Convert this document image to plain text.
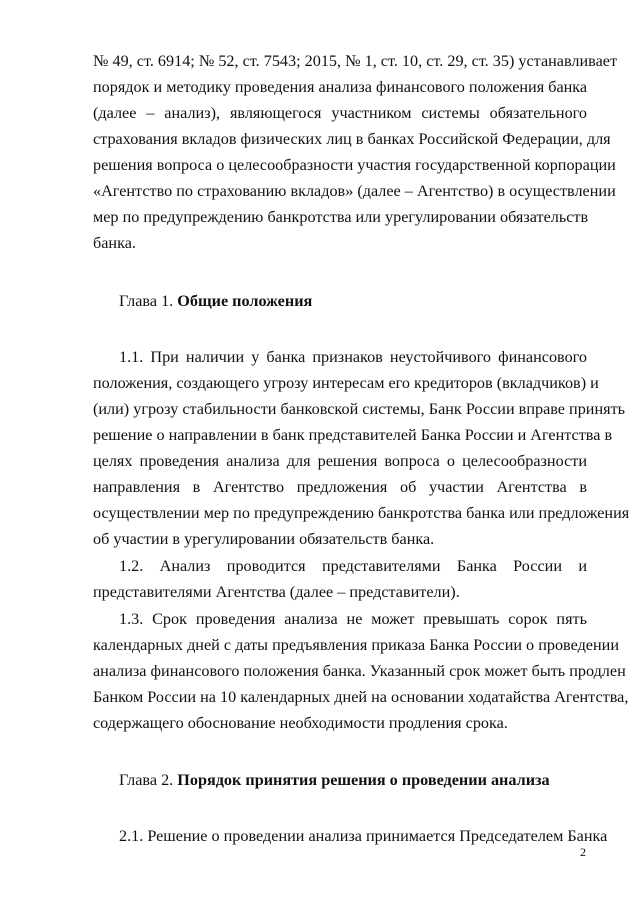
№ 49, ст. 6914; № 52, ст. 7543; 2015, № 1, ст. 10, ст. 29, ст. 35) устанавливает
порядок и методику проведения анализа финансового положения банка
(далее – анализ), являющегося участником системы обязательного
страхования вкладов физических лиц в банках Российской Федерации, для
решения вопроса о целесообразности участия государственной корпорации
«Агентство по страхованию вкладов» (далее – Агентство) в осуществлении
мер по предупреждению банкротства или урегулировании обязательств
банка.
Глава 1. Общие положения
1.1. При наличии у банка признаков неустойчивого финансового
положения, создающего угрозу интересам его кредиторов (вкладчиков) и
(или) угрозу стабильности банковской системы, Банк России вправе принять
решение о направлении в банк представителей Банка России и Агентства в
целях проведения анализа для решения вопроса о целесообразности
направления в Агентство предложения об участии Агентства в
осуществлении мер по предупреждению банкротства банка или предложения
об участии в урегулировании обязательств банка.
1.2. Анализ проводится представителями Банка России и
представителями Агентства (далее – представители).
1.3. Срок проведения анализа не может превышать сорок пять
календарных дней с даты предъявления приказа Банка России о проведении
анализа финансового положения банка. Указанный срок может быть продлен
Банком России на 10 календарных дней на основании ходатайства Агентства,
содержащего обоснование необходимости продления срока.
Глава 2. Порядок принятия решения о проведении анализа
2.1. Решение о проведении анализа принимается Председателем Банка
2
